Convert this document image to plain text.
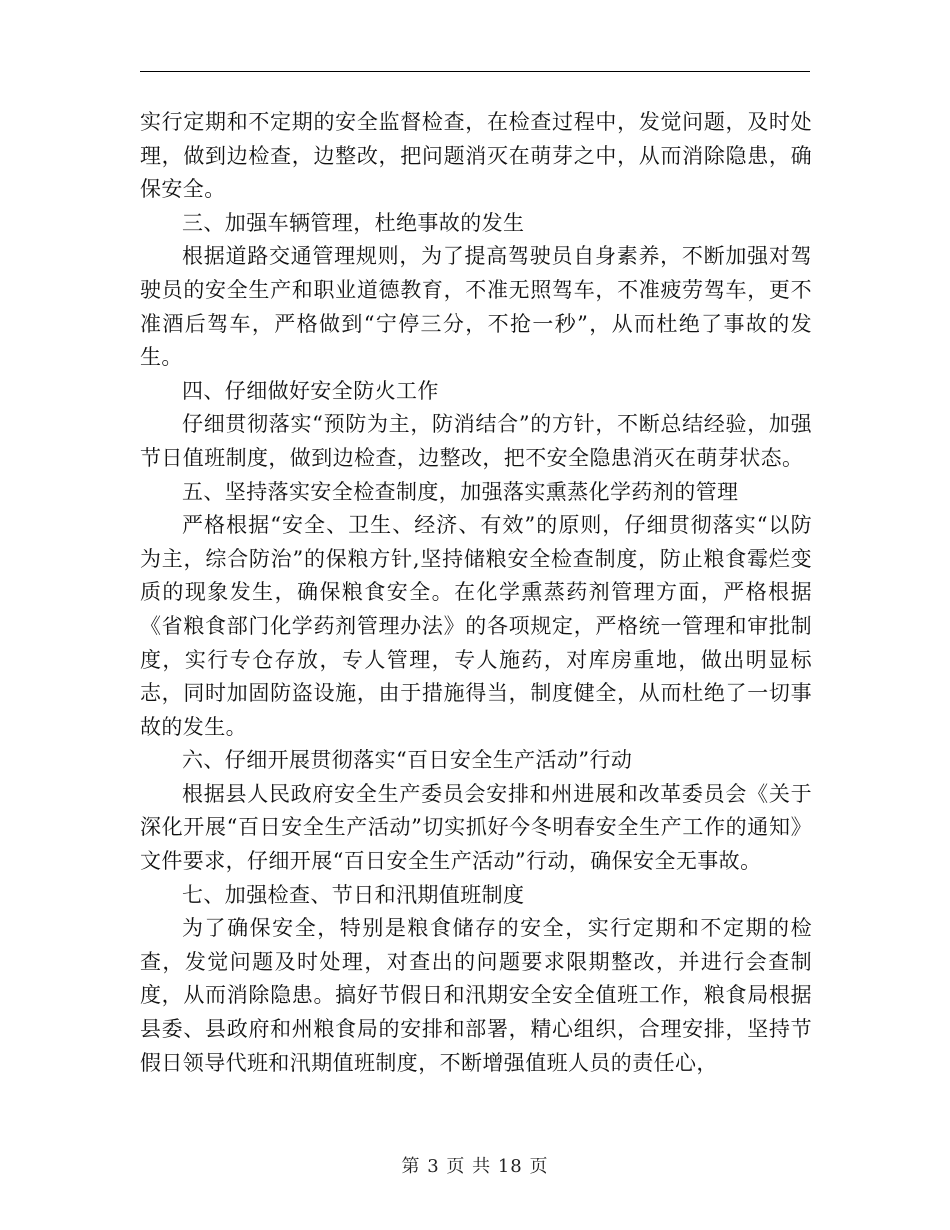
实行定期和不定期的安全监督检查，在检查过程中，发觉问题，及时处理，做到边检查，边整改，把问题消灭在萌芽之中，从而消除隐患，确保安全。

三、加强车辆管理，杜绝事故的发生

根据道路交通管理规则，为了提高驾驶员自身素养，不断加强对驾驶员的安全生产和职业道德教育，不准无照驾车，不准疲劳驾车，更不准酒后驾车，严格做到“宁停三分，不抢一秒”，从而杜绝了事故的发生。

四、仔细做好安全防火工作

仔细贯彻落实“预防为主，防消结合”的方针，不断总结经验，加强节日值班制度，做到边检查，边整改，把不安全隐患消灭在萌芽状态。

五、坚持落实安全检查制度，加强落实熏蒸化学药剂的管理

严格根据“安全、卫生、经济、有效”的原则，仔细贯彻落实“以防为主，综合防治”的保粮方针,坚持储粮安全检查制度，防止粮食霉烂变质的现象发生，确保粮食安全。在化学熏蒸药剂管理方面，严格根据《省粮食部门化学药剂管理办法》的各项规定，严格统一管理和审批制度，实行专仓存放，专人管理，专人施药，对库房重地，做出明显标志，同时加固防盗设施，由于措施得当，制度健全，从而杜绝了一切事故的发生。

六、仔细开展贯彻落实“百日安全生产活动”行动

根据县人民政府安全生产委员会安排和州进展和改革委员会《关于深化开展“百日安全生产活动”切实抓好今冬明春安全生产工作的通知》文件要求，仔细开展“百日安全生产活动”行动，确保安全无事故。

七、加强检查、节日和汛期值班制度

为了确保安全，特别是粮食储存的安全，实行定期和不定期的检查，发觉问题及时处理，对查出的问题要求限期整改，并进行会查制度，从而消除隐患。搞好节假日和汛期安全安全值班工作，粮食局根据县委、县政府和州粮食局的安排和部署，精心组织，合理安排，坚持节假日领导代班和汛期值班制度，不断增强值班人员的责任心，

第 3 页 共 18 页
